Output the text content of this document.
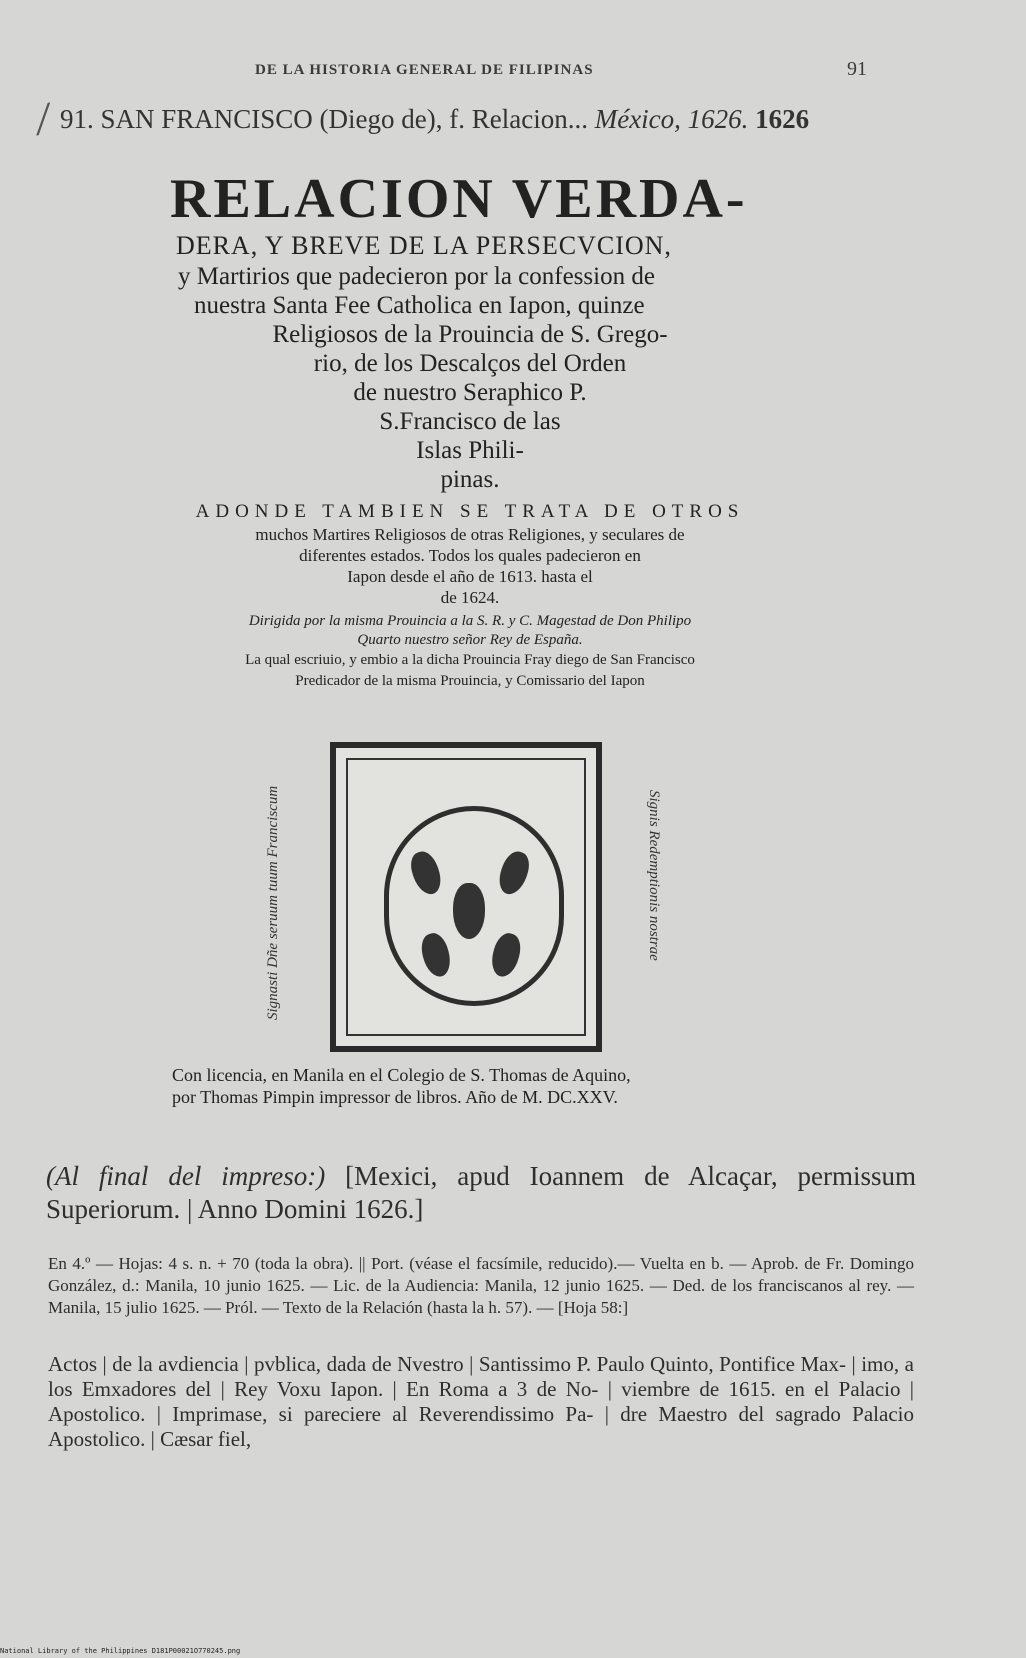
DE LA HISTORIA GENERAL DE FILIPINAS	91
/ 91. SAN FRANCISCO (Diego de), f. Relacion... México, 1626. 1626
RELACION VERDA-
DERA, Y BREVE DE LA PERSECVCION,
y Martirios que padecieron por la confession de
nuestra Santa Fee Catholica en Iapon, quinze
Religiosos de la Prouincia de S. Grego-
rio, de los Descalços del Orden
de nuestro Seraphico P.
S.Francisco de las
Islas Phili-
pinas.
ADONDE TAMBIEN SE TRATA DE OTROS
muchos Martires Religiosos de otras Religiones, y seculares de
diferentes estados. Todos los quales padecieron en
Iapon desde el año de 1613. hasta el
de 1624.
Dirigida por la misma Prouincia a la S. R. y C. Magestad de Don Philipo
Quarto nuestro señor Rey de España.
La qual escriuio, y embio a la dicha Prouincia Fray diego de San Francisco
Predicador de la misma Prouincia, y Comissario del Iapon
Signasti Dñe seruum tuum Franciscum	Signis Redemptionis nostrae
Con licencia, en Manila en el Colegio de S. Thomas de Aquino,
por Thomas Pimpin impressor de libros. Año de M. DC.XXV.
(Al final del impreso:) [Mexici, apud Ioannem de Alcaçar, permissum Superiorum. | Anno Domini 1626.]
En 4.º — Hojas: 4 s. n. + 70 (toda la obra). || Port. (véase el facsímile, reducido).— Vuelta en b. — Aprob. de Fr. Domingo González, d.: Manila, 10 junio 1625. — Lic. de la Audiencia: Manila, 12 junio 1625. — Ded. de los franciscanos al rey. — Manila, 15 julio 1625. — Pról. — Texto de la Relación (hasta la h. 57). — [Hoja 58:]
Actos | de la avdiencia | pvblica, dada de Nvestro | Santissimo P. Paulo Quinto, Pontifice Max- | imo, a los Emxadores del | Rey Voxu Iapon. | En Roma a 3 de No- | viembre de 1615. en el Palacio | Apostolico. | Imprimase, si pareciere al Reverendissimo Pa- | dre Maestro del sagrado Palacio Apostolico. | Cæsar fiel,
National Library of the Philippines D181P00021O770245.png
